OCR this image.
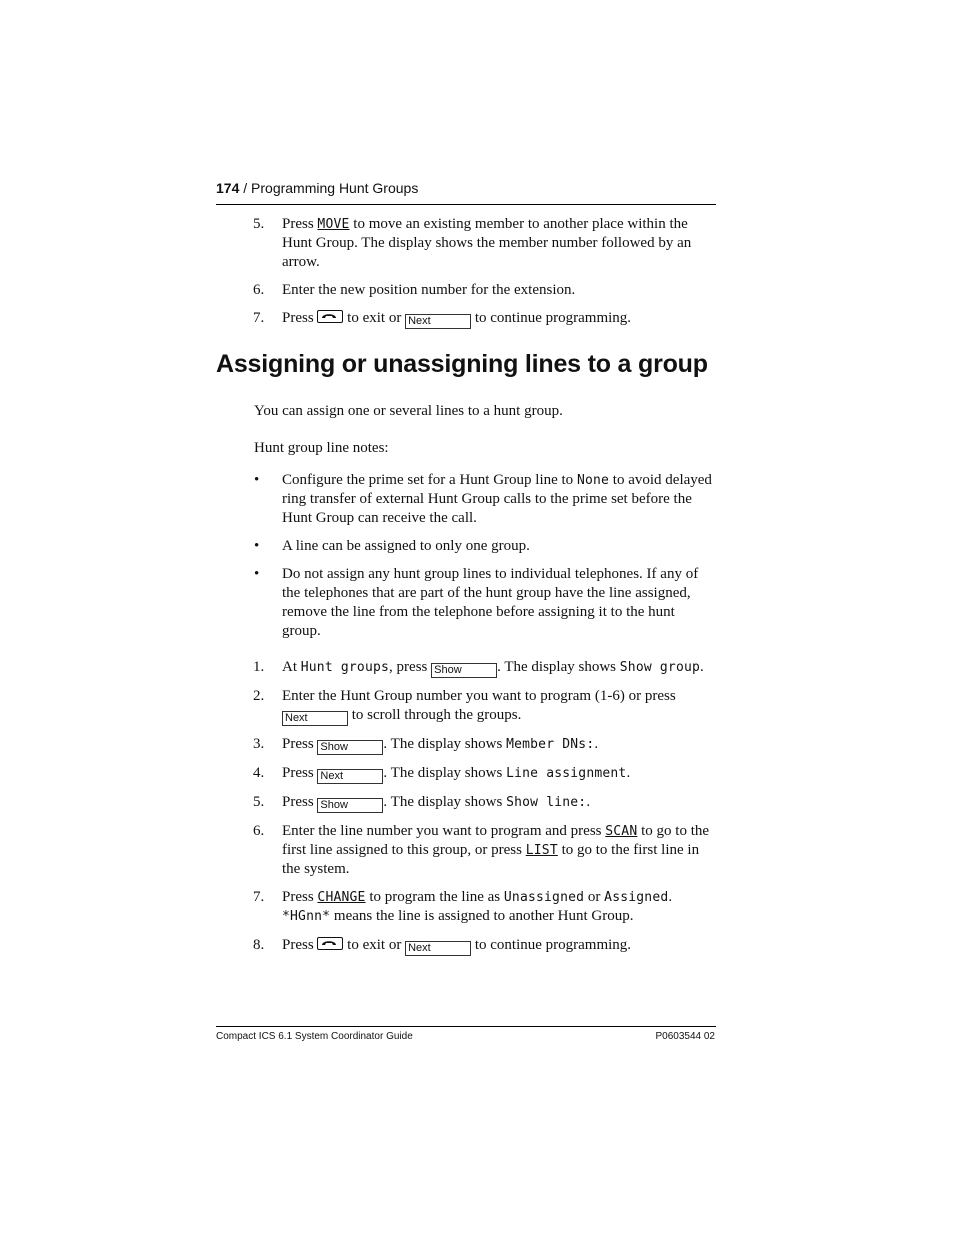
174 / Programming Hunt Groups
5. Press MOVE to move an existing member to another place within the
Hunt Group. The display shows the member number followed by an
arrow.
6. Enter the new position number for the extension.
7. Press
to exit or Next	to continue programming.
Assigning or unassigning lines to a group
You can assign one or several lines to a hunt group.
Hunt group line notes:
• Configure the prime set for a Hunt Group line to None to avoid delayed
ring transfer of external Hunt Group calls to the prime set before the
Hunt Group can receive the call.
• A line can be assigned to only one group.
• Do not assign any hunt group lines to individual telephones. If any of
the telephones that are part of the hunt group have the line assigned,
remove the line from the telephone before assigning it to the hunt
group.
1. At Hunt groups, press Show . The display shows Show group.
2. Enter the Hunt Group number you want to program (1-6) or press
Next	to scroll through the groups.
3. Press Show . The display shows Member DNs:.
4. Press Next	. The display shows Line assignment.
5. Press Show . The display shows Show line:.
6. Enter the line number you want to program and press SCAN to go to the
first line assigned to this group, or press LIST to go to the first line in
the system.
7. Press CHANGE to program the line as Unassigned or Assigned.
*HGnn* means the line is assigned to another Hunt Group.
8. Press
to exit or Next	to continue programming.
Compact ICS 6.1 System Coordinator Guide	P0603544 02
